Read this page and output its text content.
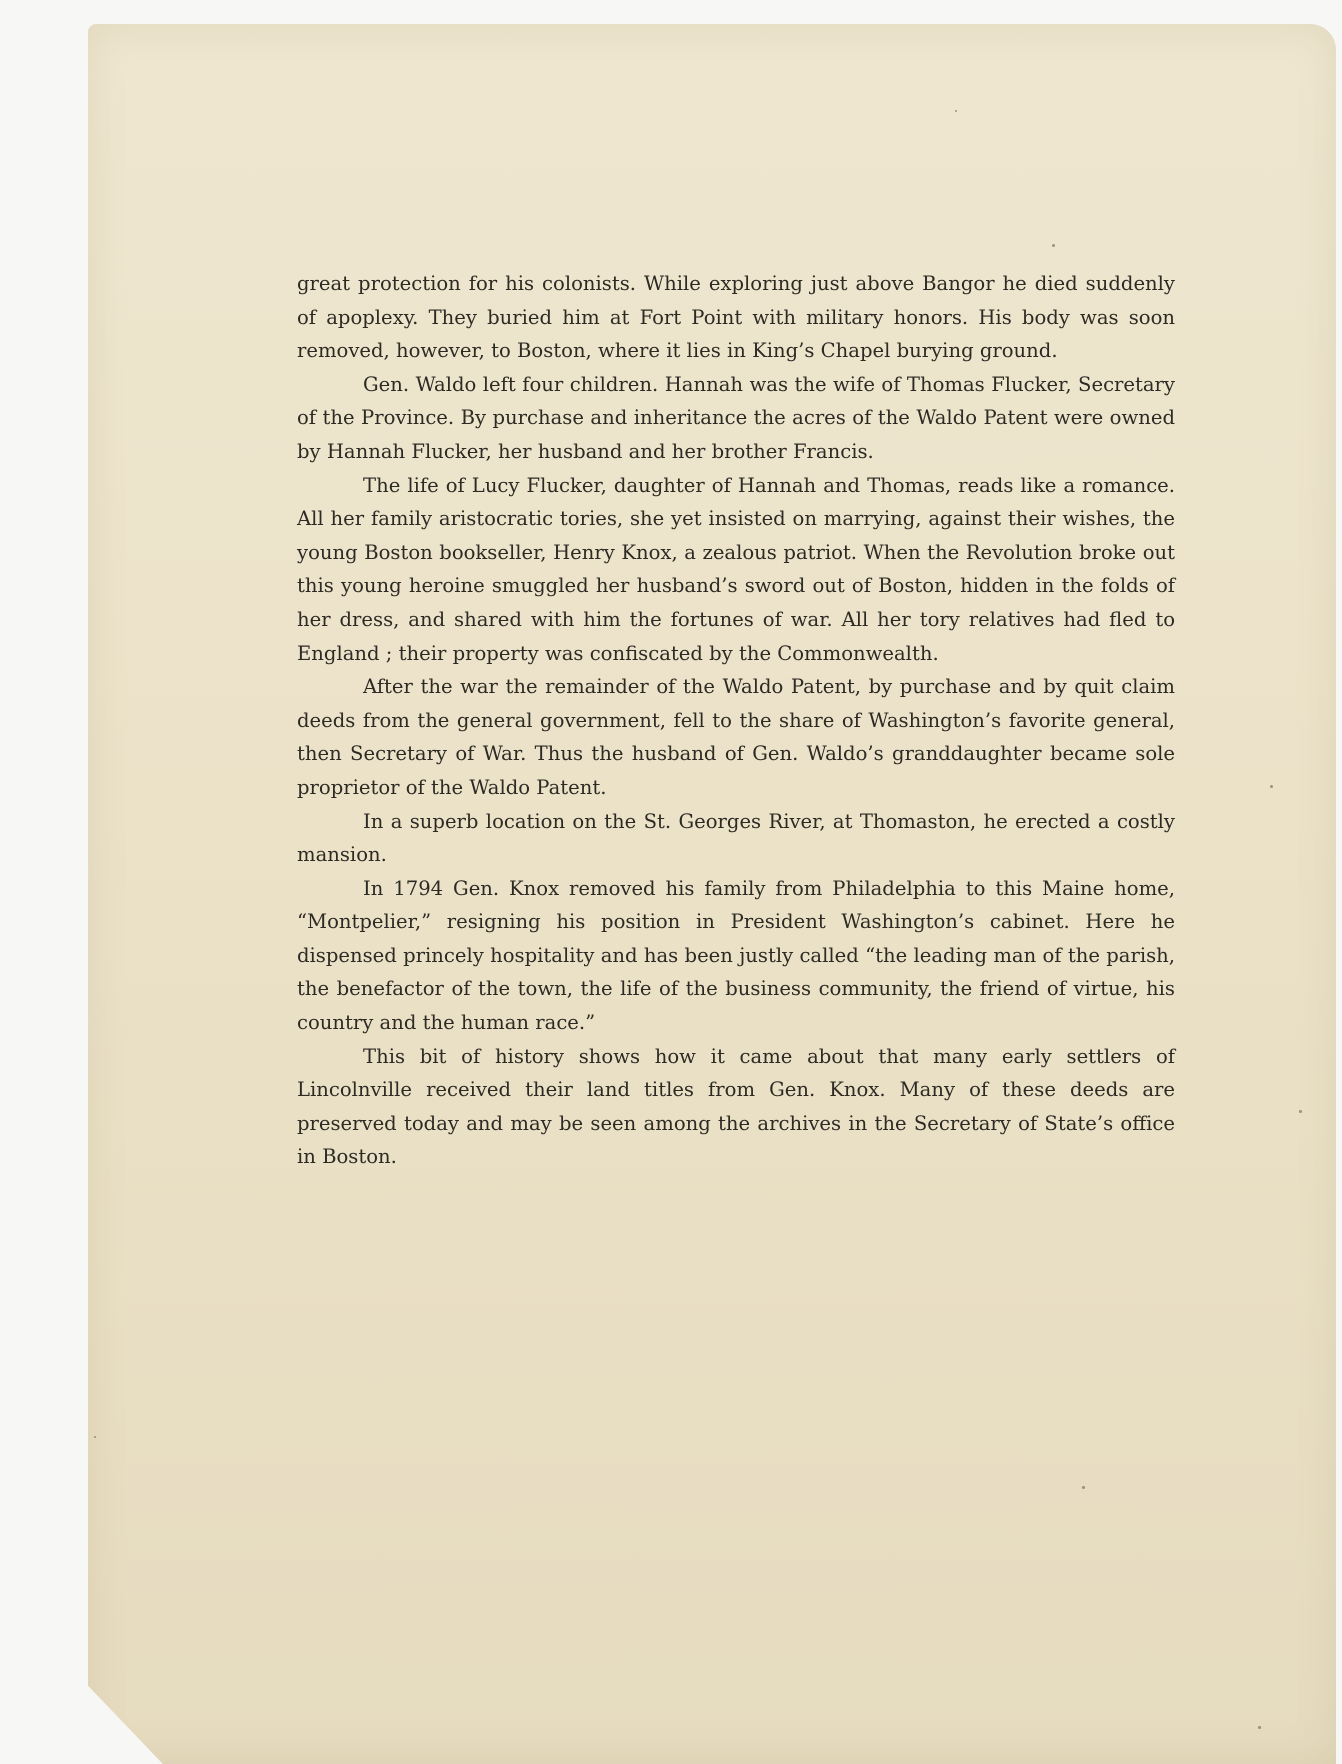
great protection for his colonists. While exploring just above Bangor he died suddenly of apoplexy. They buried him at Fort Point with military honors. His body was soon removed, however, to Boston, where it lies in King’s Chapel burying ground.

Gen. Waldo left four children. Hannah was the wife of Thomas Flucker, Secretary of the Province. By purchase and inheritance the acres of the Waldo Patent were owned by Hannah Flucker, her husband and her brother Francis.

The life of Lucy Flucker, daughter of Hannah and Thomas, reads like a romance. All her family aristocratic tories, she yet insisted on marrying, against their wishes, the young Boston bookseller, Henry Knox, a zealous patriot. When the Revolution broke out this young heroine smuggled her husband’s sword out of Boston, hidden in the folds of her dress, and shared with him the fortunes of war. All her tory relatives had fled to England ; their property was confiscated by the Commonwealth.

After the war the remainder of the Waldo Patent, by purchase and by quit claim deeds from the general government, fell to the share of Washington’s favorite general, then Secretary of War. Thus the husband of Gen. Waldo’s granddaughter became sole proprietor of the Waldo Patent.

In a superb location on the St. Georges River, at Thomaston, he erected a costly mansion.

In 1794 Gen. Knox removed his family from Philadelphia to this Maine home, “Montpelier,” resigning his position in President Washington’s cabinet. Here he dispensed princely hospitality and has been justly called “the leading man of the parish, the benefactor of the town, the life of the business community, the friend of virtue, his country and the human race.”

This bit of history shows how it came about that many early settlers of Lincolnville received their land titles from Gen. Knox. Many of these deeds are preserved today and may be seen among the archives in the Secretary of State’s office in Boston.
